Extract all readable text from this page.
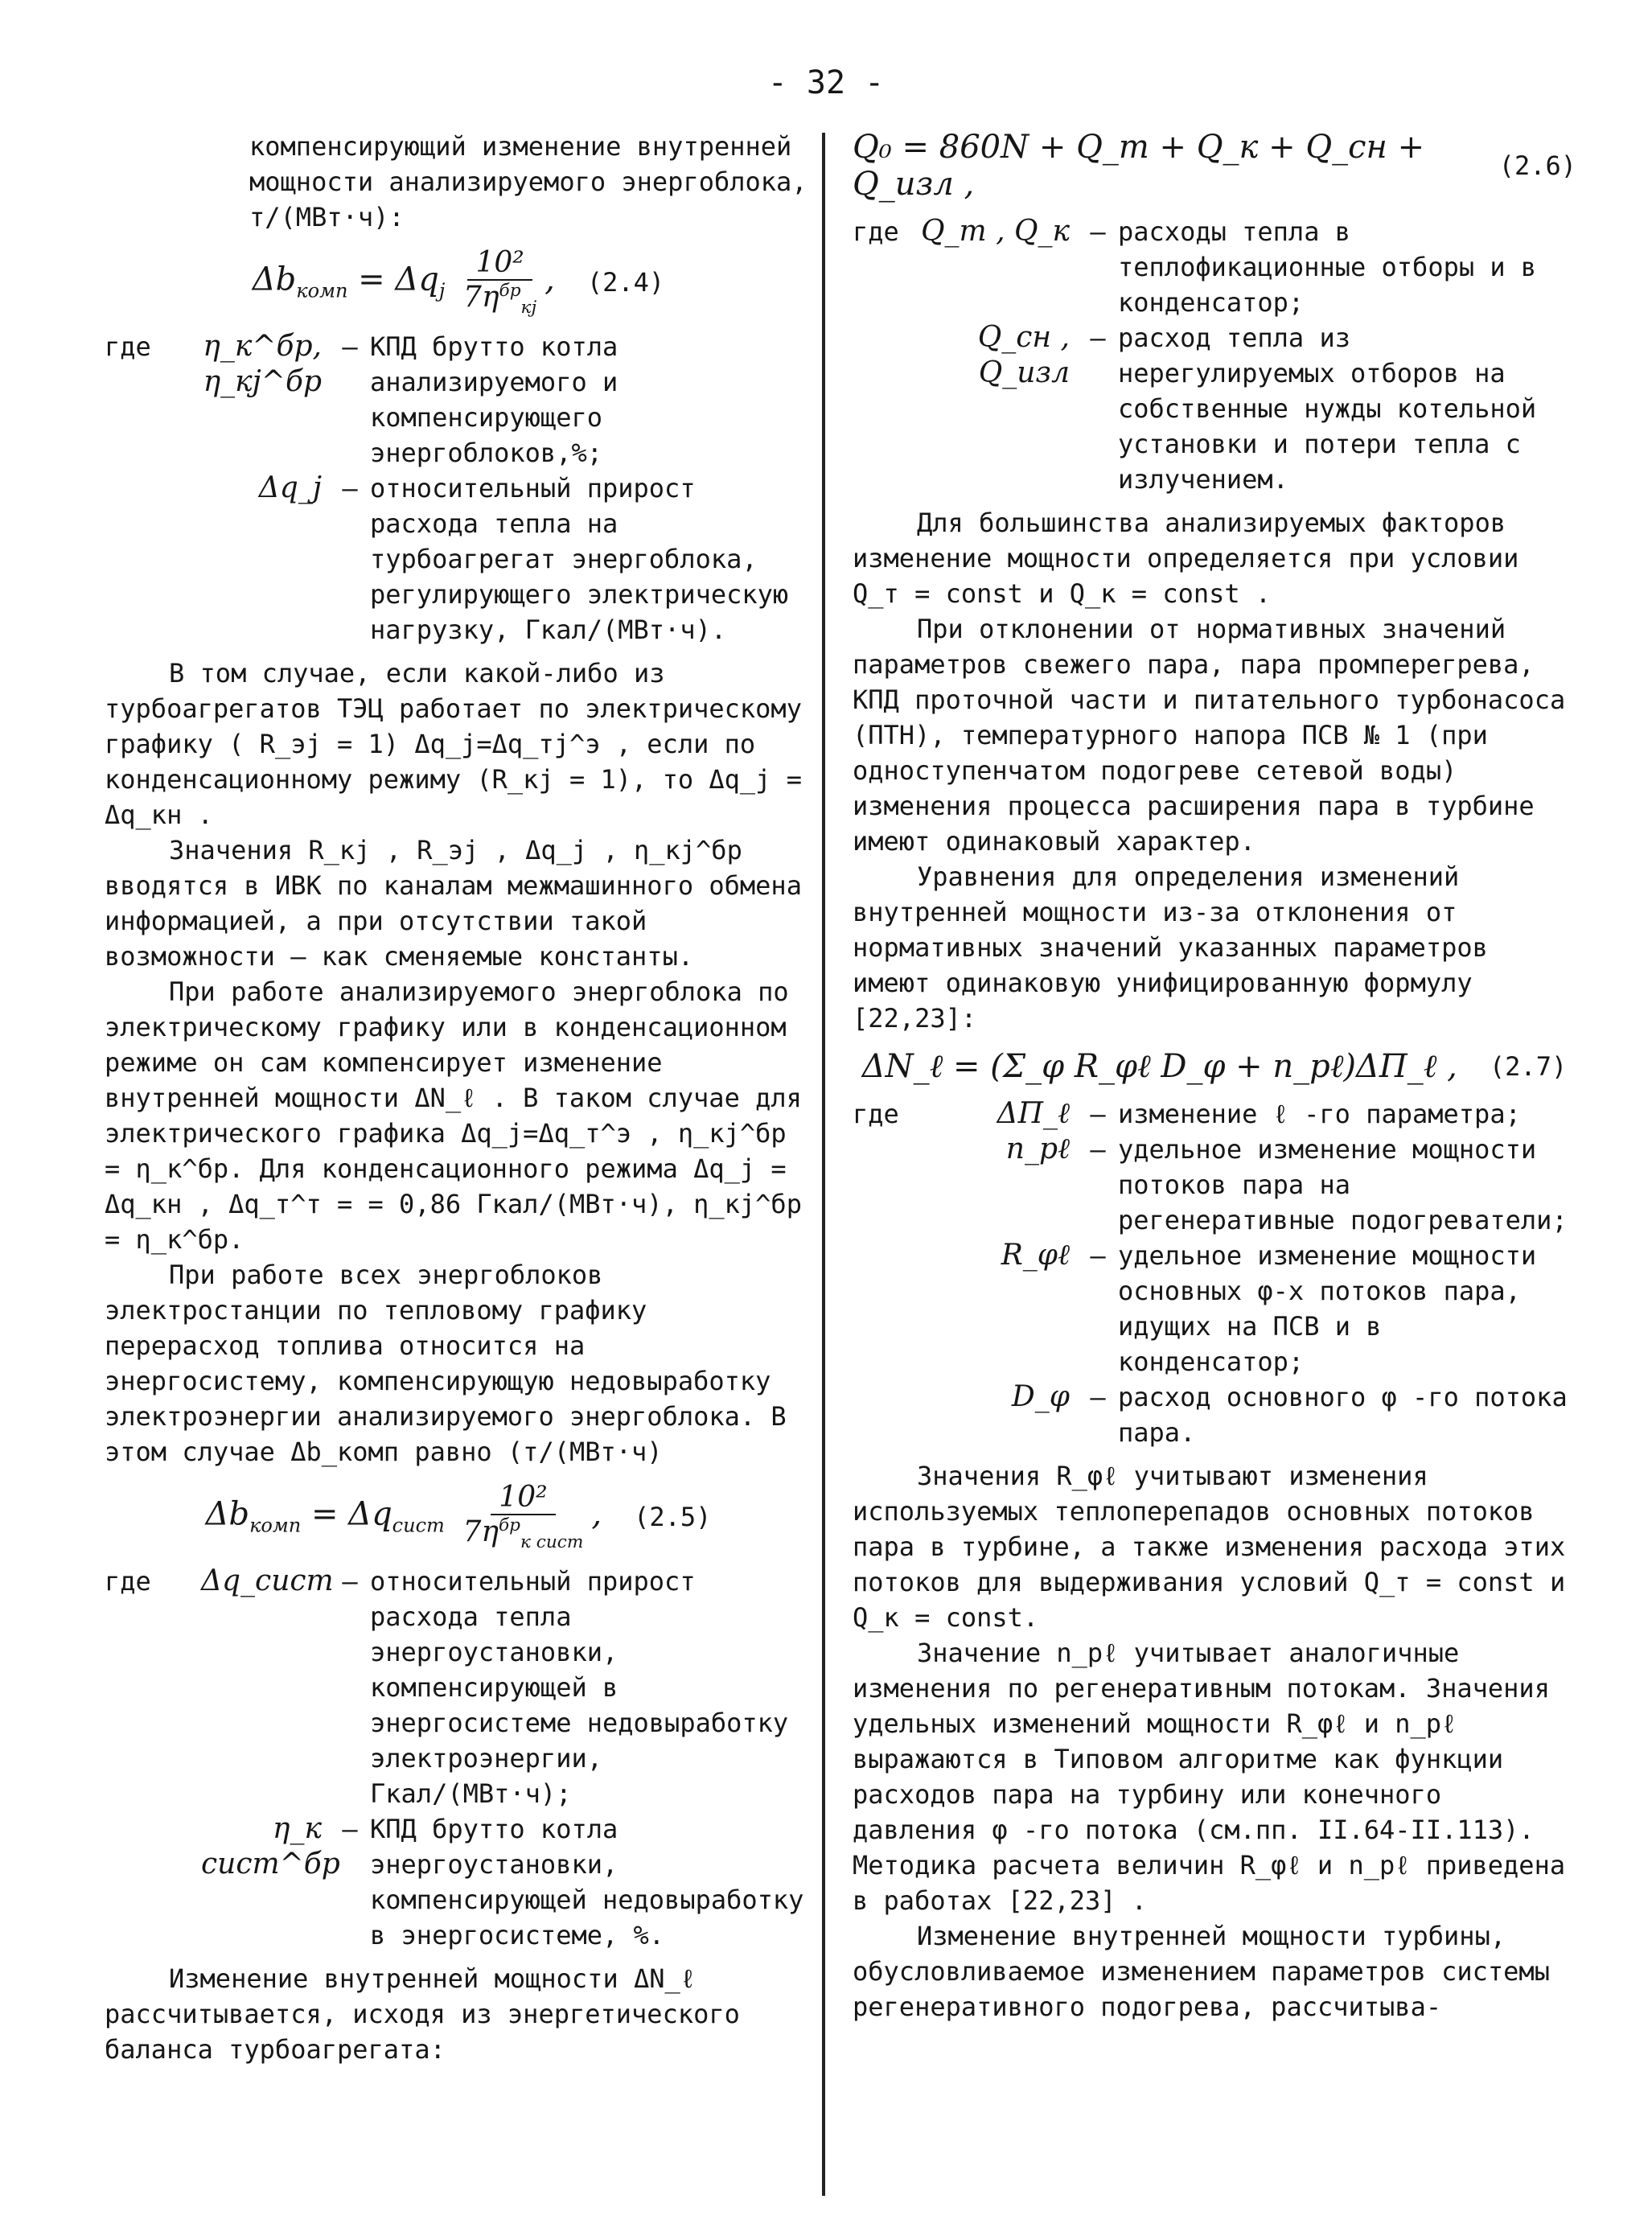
- 32 -

компенсирующий изменение внутренней мощности анализируемого энергоблока, т/(МВт·ч):

$\Delta b_{комп} = \Delta q_j \frac{\text{10²}}{7\eta^{бр}_{кj}}$ , (2.4)
где	η_к^бр, η_кj^бр
– КПД брутто котла анализируемого и компенсирующего энергоблоков,%;
Δq_j – относительный прирост расхода тепла на турбоагрегат энергоблока, регулирующего электрическую нагрузку, Гкал/(МВт·ч).

В том случае, если какой-либо из турбоагрегатов ТЭЦ работает по электрическому графику ( R_эj = 1) Δq_j=Δq_тj^э , если по конденсационному режиму (R_кj = 1), то Δq_j = Δq_кн .

Значения R_кj , R_эj , Δq_j , η_кj^бр вводятся в ИВК по каналам межмашинного обмена информацией, а при отсутствии такой возможности – как сменяемые константы.

При работе анализируемого энергоблока по электрическому графику или в конденсационном режиме он сам компенсирует изменение внутренней мощности ΔN_ℓ . В таком случае для электрического графика Δq_j=Δq_т^э , η_кj^бр = η_к^бр. Для конденсационного режима Δq_j = Δq_кн , Δq_т^т = = 0,86 Гкал/(МВт·ч), η_кj^бр = η_к^бр.

При работе всех энергоблоков электростанции по тепловому графику перерасход топлива относится на энергосистему, компенсирующую недовыработку электроэнергии анализируемого энергоблока. В этом случае Δb_комп равно (т/(МВт·ч)

$\Delta b_{комп} = \Delta q_{сист} \frac{\text{10²}}{7\eta^{бр}_{к сист}}$ , (2.5)
где	Δq_сист – относительный прирост расхода тепла энергоустановки, компенсирующей в энергосистеме недовыработку электроэнергии, Гкал/(МВт·ч);
η_к сист^бр
– КПД брутто котла энергоустановки, компенсирующей недовыработку в энергосистеме, %.

Изменение внутренней мощности ΔN_ℓ рассчитывается, исходя из энергетического баланса турбоагрегата:

Q₀ = 860N + Q_т + Q_к + Q_сн + Q_изл ,	(2.6)
где Q_т , Q_к – расходы тепла в теплофикационные отборы и в конденсатор;
Q_сн , Q_изл
– расход тепла из нерегулируемых отборов на собственные нужды котельной установки и потери тепла с излучением.

Для большинства анализируемых факторов изменение мощности определяется при условии Q_т = const и Q_к = const .

При отклонении от нормативных значений параметров свежего пара, пара промперегрева, КПД проточной части и питательного турбонасоса (ПТН), температурного напора ПСВ № 1 (при одноступенчатом подогреве сетевой воды) изменения процесса расширения пара в турбине имеют одинаковый характер.

Уравнения для определения изменений внутренней мощности из-за отклонения от нормативных значений указанных параметров имеют одинаковую унифицированную формулу [22,23]:

ΔN_ℓ = (Σ_φ R_φℓ D_φ + n_pℓ)ΔΠ_ℓ , (2.7)
где	ΔΠ_ℓ – изменение ℓ -го параметра;
n_pℓ – удельное изменение мощности потоков пара на регенеративные подогреватели;
R_φℓ – удельное изменение мощности основных φ-х потоков пара, идущих на ПСВ и в конденсатор;
D_φ – расход основного φ -го потока пара.

Значения R_φℓ учитывают изменения используемых теплоперепадов основных потоков пара в турбине, а также изменения расхода этих потоков для выдерживания условий Q_т = const и Q_к = const.

Значение n_pℓ учитывает аналогичные изменения по регенеративным потокам. Значения удельных изменений мощности R_φℓ и n_pℓ выражаются в Типовом алгоритме как функции расходов пара на турбину или конечного давления φ -го потока (см.пп. II.64-II.113). Методика расчета величин R_φℓ и n_pℓ приведена в работах [22,23] .

Изменение внутренней мощности турбины, обусловливаемое изменением параметров системы регенеративного подогрева, рассчитыва-
